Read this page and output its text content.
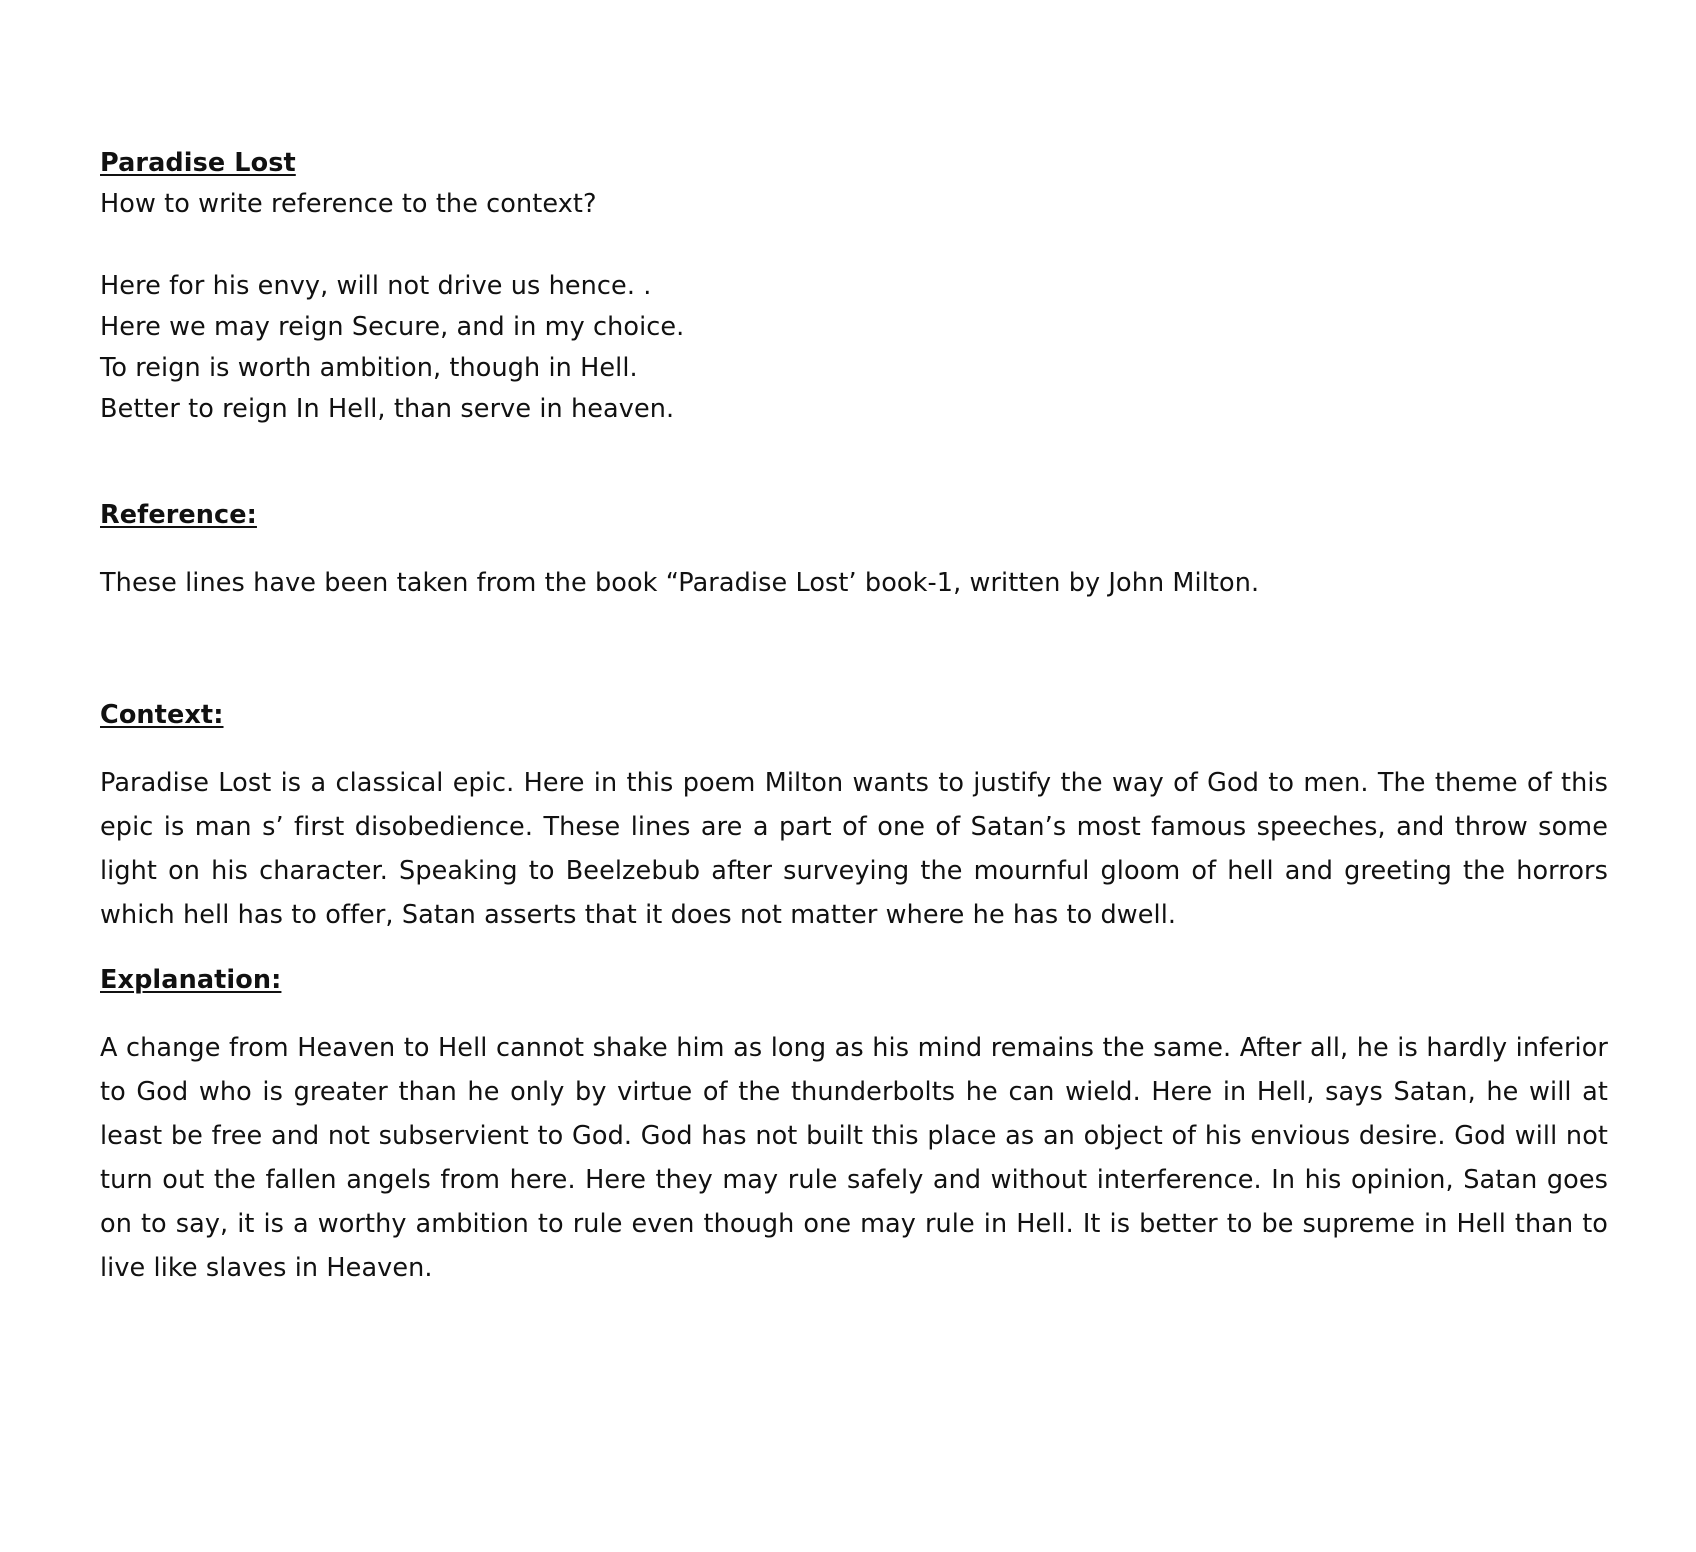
Paradise Lost
How to write reference to the context?
Here for his envy, will not drive us hence. .
Here we may reign Secure, and in my choice.
To reign is worth ambition, though in Hell.
Better to reign In Hell, than serve in heaven.
Reference:
These lines have been taken from the book “Paradise Lost’ book-1, written by John Milton.
Context:
Paradise Lost is a classical epic. Here in this poem Milton wants to justify the way of God to men. The theme of this epic is man s’ first disobedience. These lines are a part of one of Satan’s most famous speeches, and throw some light on his character. Speaking to Beelzebub after surveying the mournful gloom of hell and greeting the horrors which hell has to offer, Satan asserts that it does not matter where he has to dwell.
Explanation:
A change from Heaven to Hell cannot shake him as long as his mind remains the same. After all, he is hardly inferior to God who is greater than he only by virtue of the thunderbolts he can wield. Here in Hell, says Satan, he will at least be free and not subservient to God. God has not built this place as an object of his envious desire. God will not turn out the fallen angels from here. Here they may rule safely and without interference. In his opinion, Satan goes on to say, it is a worthy ambition to rule even though one may rule in Hell. It is better to be supreme in Hell than to live like slaves in Heaven.
